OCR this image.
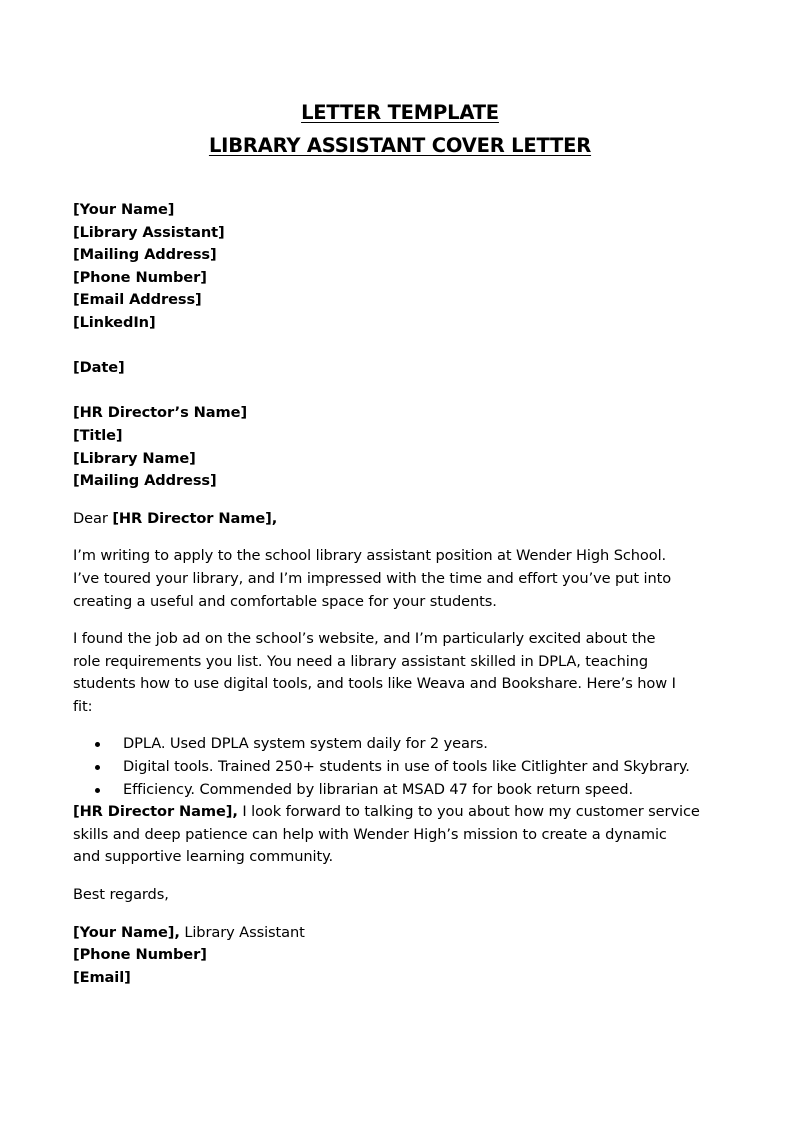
LETTER TEMPLATE
LIBRARY ASSISTANT COVER LETTER
[Your Name]
[Library Assistant]
[Mailing Address]
[Phone Number]
[Email Address]
[LinkedIn]
[Date]
[HR Director’s Name]
[Title]
[Library Name]
[Mailing Address]

Dear [HR Director Name],

I’m writing to apply to the school library assistant position at Wender High School.
I’ve toured your library, and I’m impressed with the time and effort you’ve put into
creating a useful and comfortable space for your students.

I found the job ad on the school’s website, and I’m particularly excited about the
role requirements you list. You need a library assistant skilled in DPLA, teaching
students how to use digital tools, and tools like Weava and Bookshare. Here’s how I
fit:

DPLA. Used DPLA system system daily for 2 years.
Digital tools. Trained 250+ students in use of tools like Citlighter and Skybrary.
Efficiency. Commended by librarian at MSAD 47 for book return speed.

[HR Director Name], I look forward to talking to you about how my customer service
skills and deep patience can help with Wender High’s mission to create a dynamic
and supportive learning community.

Best regards,

[Your Name], Library Assistant
[Phone Number]
[Email]
